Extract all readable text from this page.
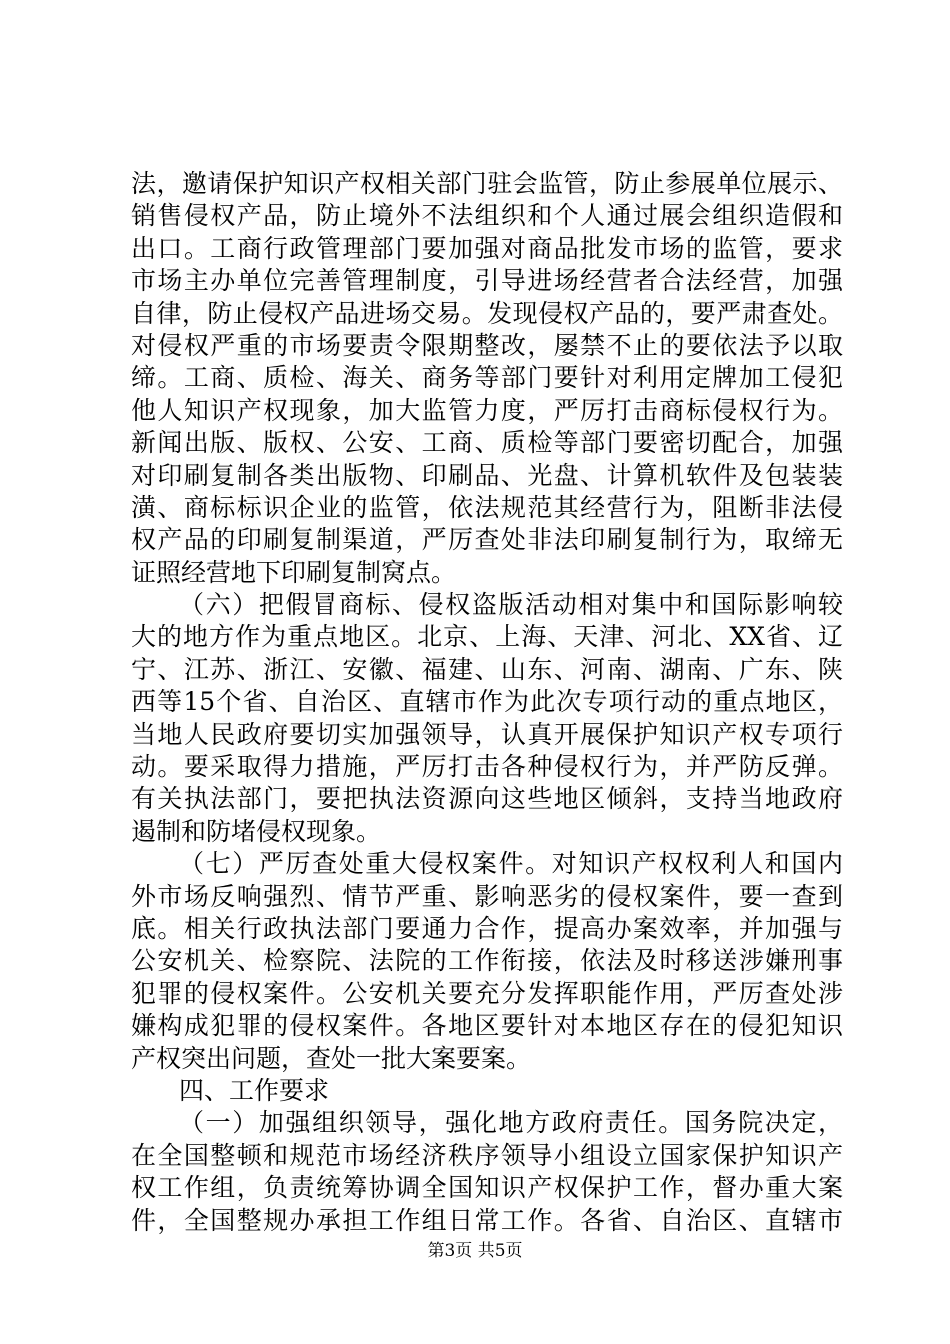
法，邀请保护知识产权相关部门驻会监管，防止参展单位展示、
销售侵权产品，防止境外不法组织和个人通过展会组织造假和
出口。工商行政管理部门要加强对商品批发市场的监管，要求
市场主办单位完善管理制度，引导进场经营者合法经营，加强
自律，防止侵权产品进场交易。发现侵权产品的，要严肃查处。
对侵权严重的市场要责令限期整改，屡禁不止的要依法予以取
缔。工商、质检、海关、商务等部门要针对利用定牌加工侵犯
他人知识产权现象，加大监管力度，严厉打击商标侵权行为。
新闻出版、版权、公安、工商、质检等部门要密切配合，加强
对印刷复制各类出版物、印刷品、光盘、计算机软件及包装装
潢、商标标识企业的监管，依法规范其经营行为，阻断非法侵
权产品的印刷复制渠道，严厉查处非法印刷复制行为，取缔无
证照经营地下印刷复制窝点。
（六）把假冒商标、侵权盗版活动相对集中和国际影响较
大的地方作为重点地区。北京、上海、天津、河北、XX省、辽
宁、江苏、浙江、安徽、福建、山东、河南、湖南、广东、陕
西等15个省、自治区、直辖市作为此次专项行动的重点地区，
当地人民政府要切实加强领导，认真开展保护知识产权专项行
动。要采取得力措施，严厉打击各种侵权行为，并严防反弹。
有关执法部门，要把执法资源向这些地区倾斜，支持当地政府
遏制和防堵侵权现象。
（七）严厉查处重大侵权案件。对知识产权权利人和国内
外市场反响强烈、情节严重、影响恶劣的侵权案件，要一查到
底。相关行政执法部门要通力合作，提高办案效率，并加强与
公安机关、检察院、法院的工作衔接，依法及时移送涉嫌刑事
犯罪的侵权案件。公安机关要充分发挥职能作用，严厉查处涉
嫌构成犯罪的侵权案件。各地区要针对本地区存在的侵犯知识
产权突出问题，查处一批大案要案。
四、工作要求
（一）加强组织领导，强化地方政府责任。国务院决定，
在全国整顿和规范市场经济秩序领导小组设立国家保护知识产
权工作组，负责统筹协调全国知识产权保护工作，督办重大案
件，全国整规办承担工作组日常工作。各省、自治区、直辖市
第3页 共5页
